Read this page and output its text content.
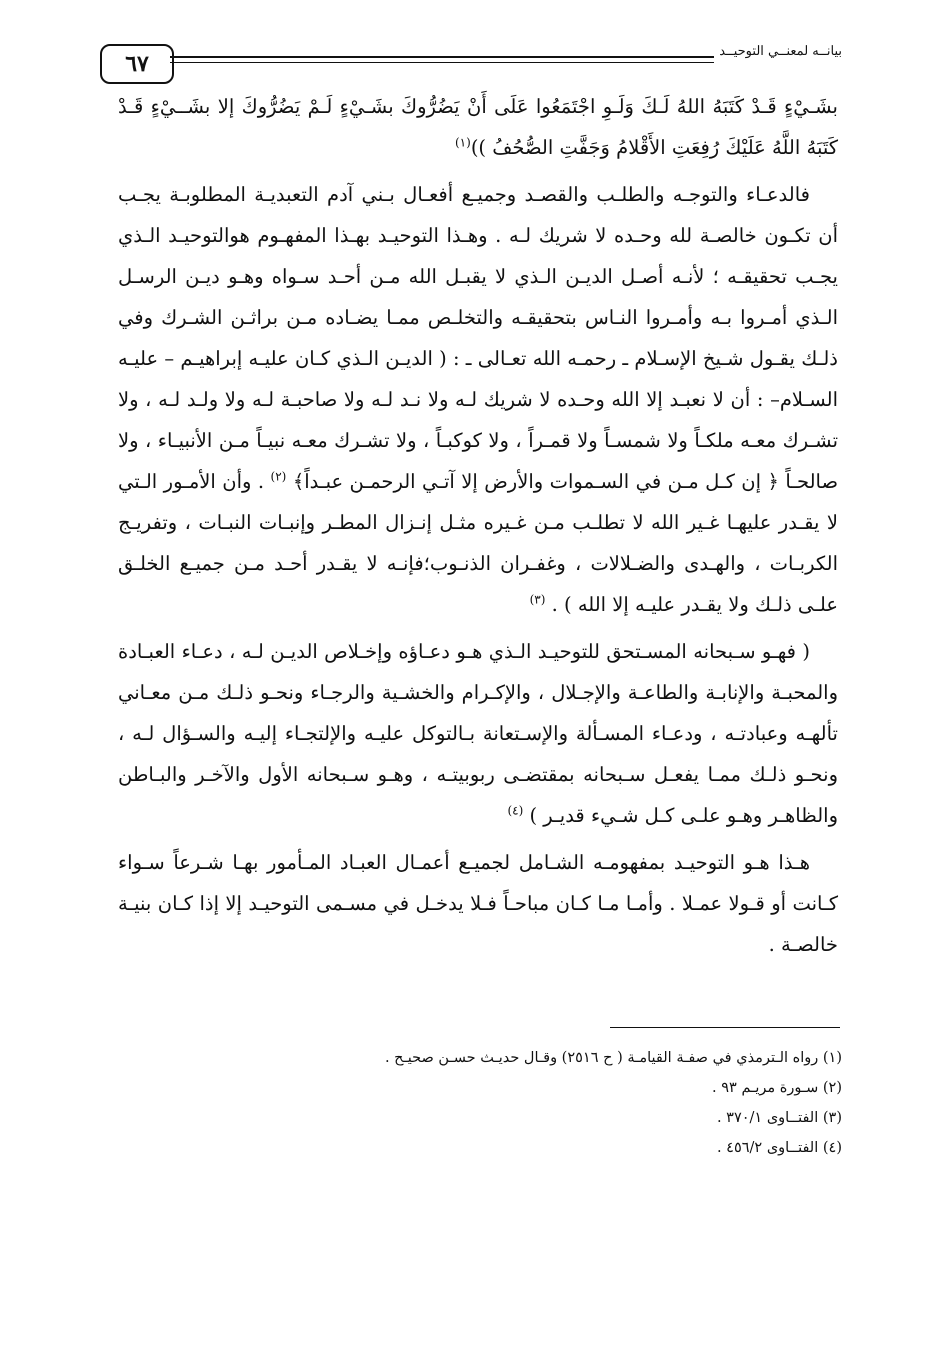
٦٧	بيانــه لمعنــي التوحيــد

بشَـيْءٍ قَـدْ كَتَبَهُ اللهُ لَـكَ وَلَـوِ اجْتَمَعُوا عَلَى أَنْ يَضُرُّوكَ بشَـيْءٍ لَـمْ يَضُرُّوكَ إلا بشَــيْءٍ قَـدْ كَتَبَهُ اللَّهُ عَلَيْكَ رُفِعَتِ الأَقْلامُ وَجَفَّتِ الصُّحُفُ ))$^{(١)}$

فالدعـاء والتوجـه والطلـب والقصـد وجميـع أفعـال بـني آدم التعبديـة المطلوبـة يجـب أن تكـون خالصـة لله وحـده لا شريك لـه . وهـذا التوحيـد بهـذا المفهـوم هوالتوحيـد الـذي يجـب تحقيقـه ؛ لأنـه أصـل الديـن الـذي لا يقبـل الله مـن أحـد سـواه وهـو ديـن الرسـل الـذي أمـروا بـه وأمـروا النـاس بتحقيقـه والتخلـص ممـا يضـاده مـن براثـن الشـرك وفي ذلـك يقـول شـيخ الإسـلام ـ رحمـه الله تعـالى ـ : ( الديـن الـذي كـان عليـه إبراهيـم – عليـه السـلام– : أن لا نعبـد إلا الله وحـده لا شريك لـه ولا نـد لـه ولا صاحبـة لـه ولا ولـد لـه ، ولا تشـرك معـه ملكـاً ولا شمسـاً ولا قمـراً ، ولا كوكبـاً ، ولا تشـرك معـه نبيـاً مـن الأنبيـاء ، ولا صالحـاً ﴿ إن كـل مـن في السـموات والأرض إلا آتـي الرحمـن عبـداً﴾ $^{(٢)}$ . وأن الأمـور الـتي لا يقـدر عليهـا غـير الله لا تطلـب مـن غـيره مثـل إنـزال المطـر وإنبـات النبـات ، وتفريـج الكربـات ، والهـدى والضـلالات ، وغفـران الذنـوب؛فإنـه لا يقـدر أحـد مـن جميـع الخلـق علـى ذلـك ولا يقـدر عليـه إلا الله ) . $^{(٣)}$

( فهـو سـبحانه المسـتحق للتوحيـد الـذي هـو دعـاؤه وإخـلاص الديـن لـه ، دعـاء العبـادة والمحبـة والإنابـة والطاعـة والإجـلال ، والإكـرام والخشـية والرجـاء ونحـو ذلـك مـن معـاني تألهـه وعبادتـه ، ودعـاء المسـألة والإسـتعانة بـالتوكل عليـه والإلتجـاء إليـه والسـؤال لـه ، ونحـو ذلـك ممـا يفعـل سـبحانه بمقتضـى ربوبيتـه ، وهـو سـبحانه الأول والآخـر والبـاطن والظاهـر وهـو علـى كـل شـيء قديـر ) $^{(٤)}$

هـذا هـو التوحيـد بمفهومـه الشـامل لجميـع أعمـال العبـاد المـأمور بهـا شـرعاً سـواء كـانت أو قـولا عمـلا . وأمـا مـا كـان مباحـاً فـلا يدخـل في مسـمى التوحيـد إلا إذا كـان بنيـة خالصـة .

(١) رواه الـترمذي في صفـة القيامـة ( ح ٢٥١٦) وقـال حديـث حسـن صحيـح .

(٢) سـورة مريـم ٩٣ .

(٣) الفتــاوى ٣٧٠/١ .

(٤) الفتــاوى ٤٥٦/٢ .
